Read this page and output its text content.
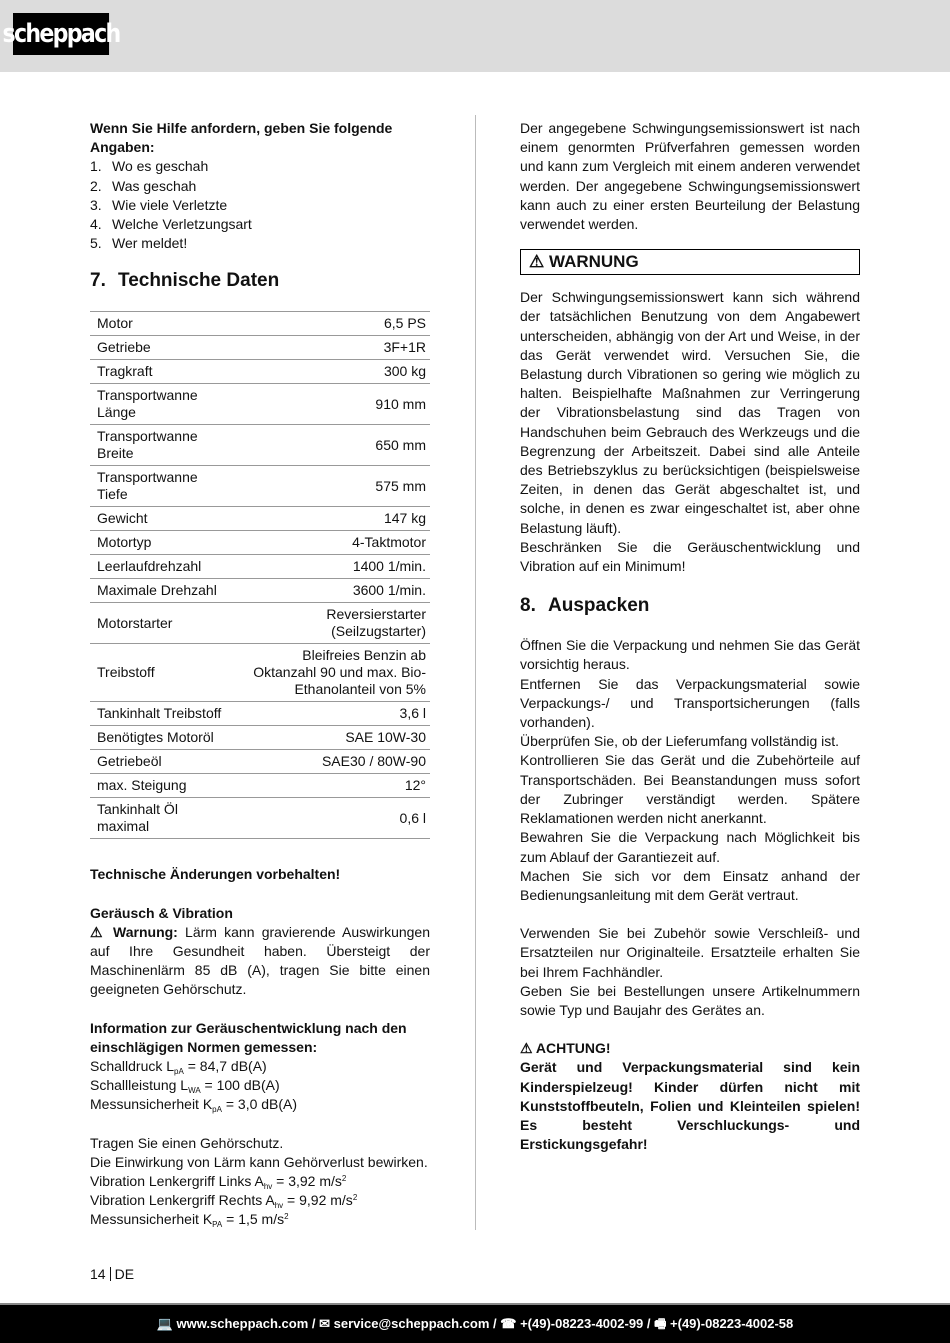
scheppach
Wenn Sie Hilfe anfordern, geben Sie folgende Angaben:
1. Wo es geschah
2. Was geschah
3. Wie viele Verletzte
4. Welche Verletzungsart
5. Wer meldet!
7. Technische Daten
Motor	6,5 PS
Getriebe	3F+1R
Tragkraft	300 kg
Transportwanne
Länge	910 mm
Transportwanne
Breite	650 mm
Transportwanne
Tiefe	575 mm
Gewicht	147 kg
Motortyp	4-Taktmotor
Leerlaufdrehzahl	1400 1/min.
Maximale Drehzahl	3600 1/min.
Motorstarter	Reversierstarter (Seilzugstarter)
Treibstoff	Bleifreies Benzin ab Oktanzahl 90 und max. Bio-Ethanolanteil von 5%
Tankinhalt Treibstoff	3,6 l
Benötigtes Motoröl	SAE 10W-30
Getriebeöl	SAE30 / 80W-90
max. Steigung	12°
Tankinhalt Öl
maximal	0,6 l
Technische Änderungen vorbehalten!
Geräusch & Vibration

⚠ Warnung: Lärm kann gravierende Auswirkungen auf Ihre Gesundheit haben. Übersteigt der Maschinenlärm 85 dB (A), tragen Sie bitte einen geeigneten Gehörschutz.

Information zur Geräuschentwicklung nach den einschlägigen Normen gemessen:
Schalldruck $L_{pA} = 84,7$ dB(A)
Schallleistung $L_{WA} = 100$ dB(A)
Messunsicherheit $K_{pA} = 3,0$ dB(A)
Tragen Sie einen Gehörschutz.
Die Einwirkung von Lärm kann Gehörverlust bewirken.
Vibration Lenkergriff Links $A_{hv} = 3,92$ $m/s^2$
Vibration Lenkergriff Rechts $A_{hv} = 9,92$ $m/s^2$
Messunsicherheit $K_{PA} = 1,5$ $m/s^2$

Der angegebene Schwingungsemissionswert ist nach einem genormten Prüfverfahren gemessen worden und kann zum Vergleich mit einem anderen verwendet werden. Der angegebene Schwingungsemissionswert kann auch zu einer ersten Beurteilung der Belastung verwendet werden.

⚠ WARNUNG

Der Schwingungsemissionswert kann sich während der tatsächlichen Benutzung von dem Angabewert unterscheiden, abhängig von der Art und Weise, in der das Gerät verwendet wird. Versuchen Sie, die Belastung durch Vibrationen so gering wie möglich zu halten. Beispielhafte Maßnahmen zur Verringerung der Vibrationsbelastung sind das Tragen von Handschuhen beim Gebrauch des Werkzeugs und die Begrenzung der Arbeitszeit. Dabei sind alle Anteile des Betriebszyklus zu berücksichtigen (beispielsweise Zeiten, in denen das Gerät abgeschaltet ist, und solche, in denen es zwar eingeschaltet ist, aber ohne Belastung läuft).

Beschränken Sie die Geräuschentwicklung und Vibration auf ein Minimum!

8. Auspacken

Öffnen Sie die Verpackung und nehmen Sie das Gerät vorsichtig heraus.

Entfernen Sie das Verpackungsmaterial sowie Verpackungs-/ und Transportsicherungen (falls vorhanden).

Überprüfen Sie, ob der Lieferumfang vollständig ist.

Kontrollieren Sie das Gerät und die Zubehörteile auf Transportschäden. Bei Beanstandungen muss sofort der Zubringer verständigt werden. Spätere Reklamationen werden nicht anerkannt.

Bewahren Sie die Verpackung nach Möglichkeit bis zum Ablauf der Garantiezeit auf.

Machen Sie sich vor dem Einsatz anhand der Bedienungsanleitung mit dem Gerät vertraut.

Verwenden Sie bei Zubehör sowie Verschleiß- und Ersatzteilen nur Originalteile. Ersatzteile erhalten Sie bei Ihrem Fachhändler.

Geben Sie bei Bestellungen unsere Artikelnummern sowie Typ und Baujahr des Gerätes an.

⚠ ACHTUNG!

Gerät und Verpackungsmaterial sind kein Kinderspielzeug! Kinder dürfen nicht mit Kunststoffbeuteln, Folien und Kleinteilen spielen! Es besteht Verschluckungs- und Erstickungsgefahr!

14 DE
💻 www.scheppach.com / ✉ service@scheppach.com / ☎ +(49)-08223-4002-99 / 🖷 +(49)-08223-4002-58
